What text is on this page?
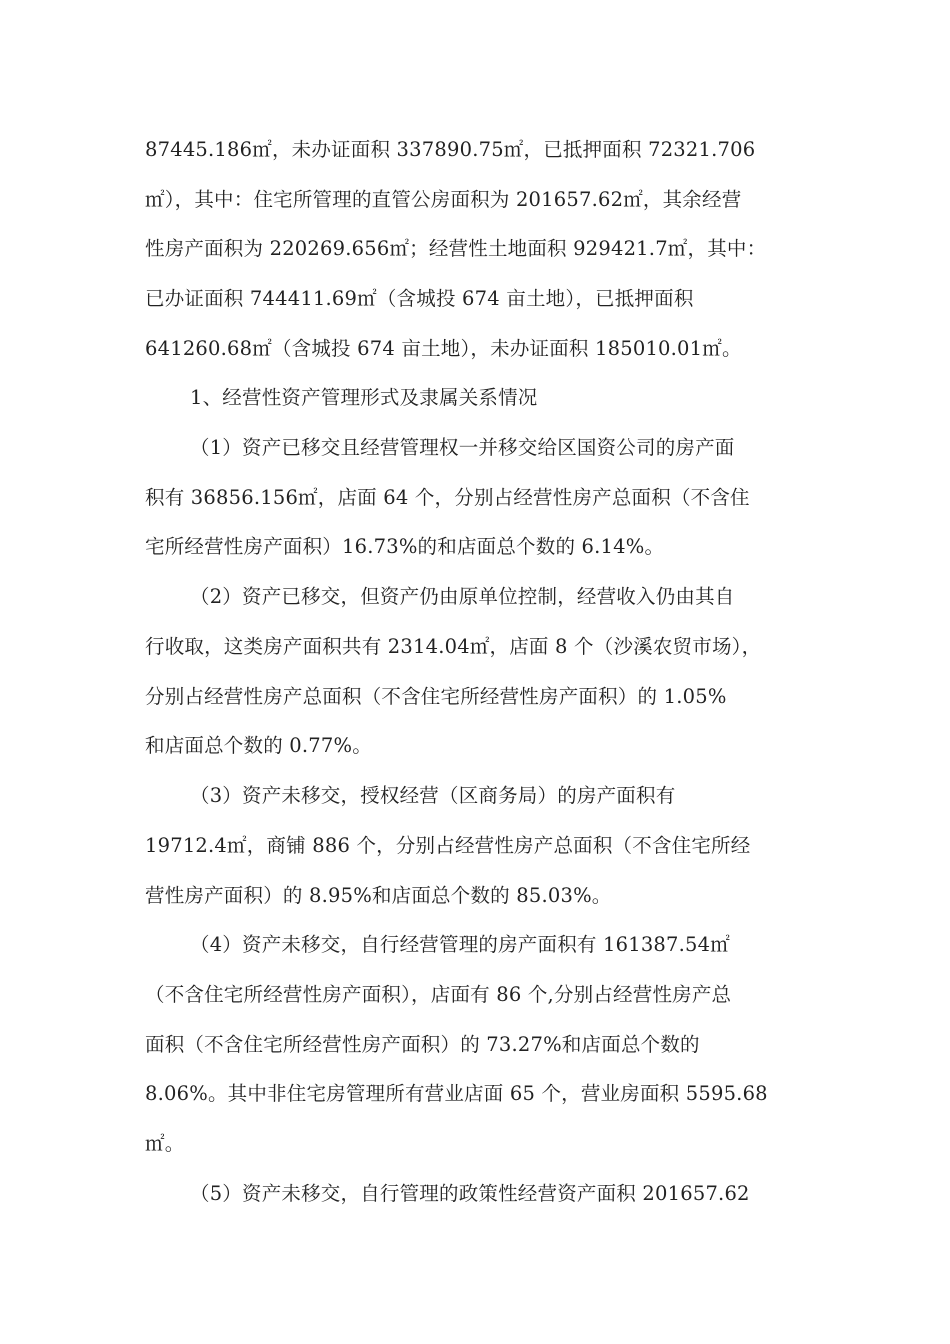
87445.186㎡，未办证面积 337890.75㎡，已抵押面积 72321.706
㎡），其中：住宅所管理的直管公房面积为 201657.62㎡，其余经营
性房产面积为 220269.656㎡；经营性土地面积 929421.7㎡，其中：
已办证面积 744411.69㎡（含城投 674 亩土地），已抵押面积
641260.68㎡（含城投 674 亩土地），未办证面积 185010.01㎡。
1、经营性资产管理形式及隶属关系情况
（1）资产已移交且经营管理权一并移交给区国资公司的房产面
积有 36856.156㎡，店面 64 个，分别占经营性房产总面积（不含住
宅所经营性房产面积）16.73%的和店面总个数的 6.14%。
（2）资产已移交，但资产仍由原单位控制，经营收入仍由其自
行收取，这类房产面积共有 2314.04㎡，店面 8 个（沙溪农贸市场），
分别占经营性房产总面积（不含住宅所经营性房产面积）的 1.05%
和店面总个数的 0.77%。
（3）资产未移交，授权经营（区商务局）的房产面积有
19712.4㎡，商铺 886 个，分别占经营性房产总面积（不含住宅所经
营性房产面积）的 8.95%和店面总个数的 85.03%。
（4）资产未移交，自行经营管理的房产面积有 161387.54㎡
（不含住宅所经营性房产面积），店面有 86 个,分别占经营性房产总
面积（不含住宅所经营性房产面积）的 73.27%和店面总个数的
8.06%。其中非住宅房管理所有营业店面 65 个，营业房面积 5595.68
㎡。
（5）资产未移交，自行管理的政策性经营资产面积 201657.62
